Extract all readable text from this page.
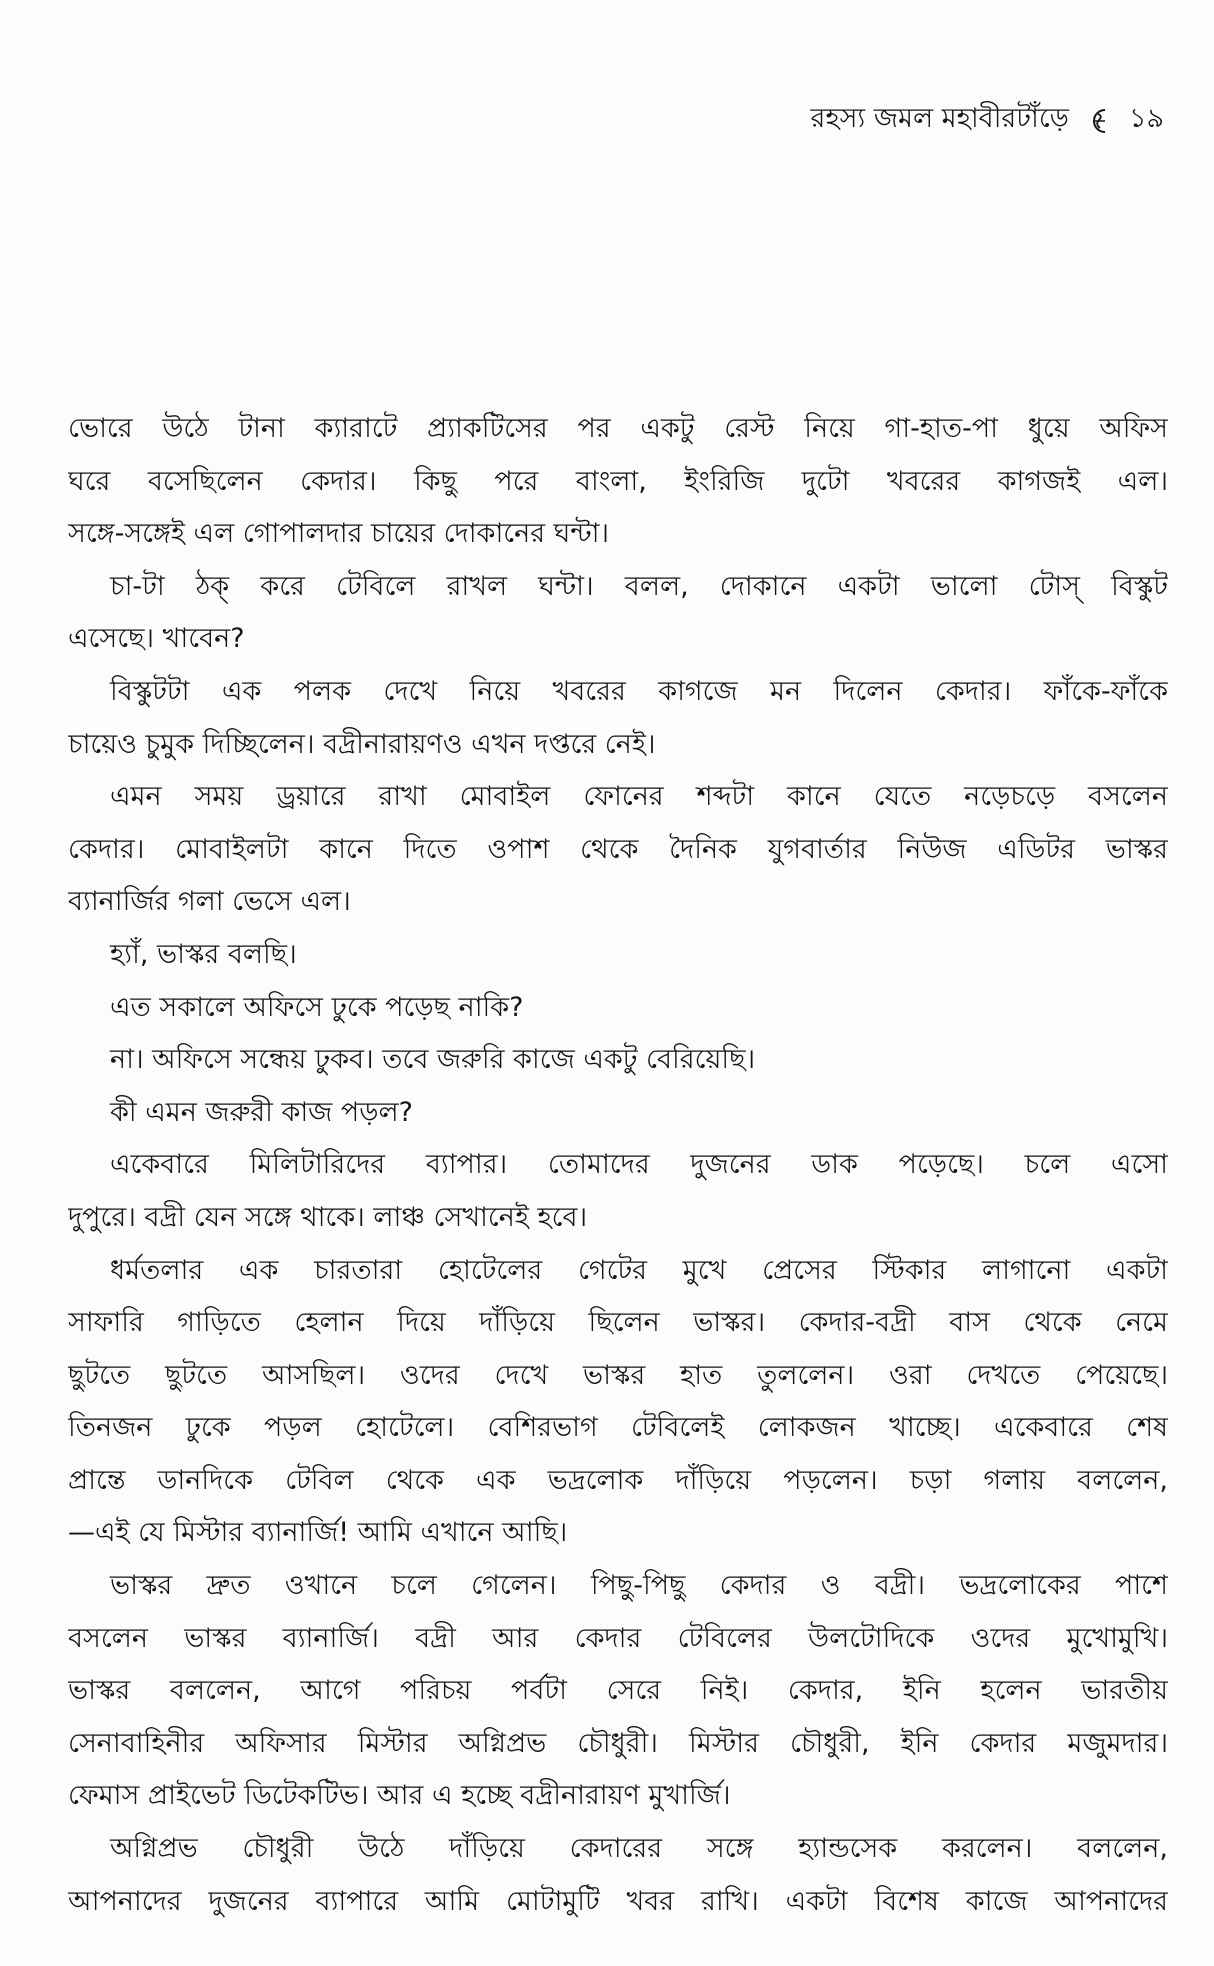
রহস্য জমল মহাবীরটাঁড়ে ১৯
ভোরে উঠে টানা ক্যারাটে প্র্যাকটিসের পর একটু রেস্ট নিয়ে গা-হাত-পা ধুয়ে অফিস
ঘরে বসেছিলেন কেদার। কিছু পরে বাংলা, ইংরিজি দুটো খবরের কাগজই এল।
সঙ্গে-সঙ্গেই এল গোপালদার চায়ের দোকানের ঘন্টা।
চা-টা ঠক্ করে টেবিলে রাখল ঘন্টা। বলল, দোকানে একটা ভালো টোস্ বিস্কুট
এসেছে। খাবেন?
বিস্কুটটা এক পলক দেখে নিয়ে খবরের কাগজে মন দিলেন কেদার। ফাঁকে-ফাঁকে
চায়েও চুমুক দিচ্ছিলেন। বদ্রীনারায়ণও এখন দপ্তরে নেই।
এমন সময় ড্রয়ারে রাখা মোবাইল ফোনের শব্দটা কানে যেতে নড়েচড়ে বসলেন
কেদার। মোবাইলটা কানে দিতে ওপাশ থেকে দৈনিক যুগবার্তার নিউজ এডিটর ভাস্কর
ব্যানার্জির গলা ভেসে এল।
হ্যাঁ, ভাস্কর বলছি।
এত সকালে অফিসে ঢুকে পড়েছ নাকি?
না। অফিসে সন্ধেয় ঢুকব। তবে জরুরি কাজে একটু বেরিয়েছি।
কী এমন জরুরী কাজ পড়ল?
একেবারে মিলিটারিদের ব্যাপার। তোমাদের দুজনের ডাক পড়েছে। চলে এসো
দুপুরে। বদ্রী যেন সঙ্গে থাকে। লাঞ্চ সেখানেই হবে।
ধর্মতলার এক চারতারা হোটেলের গেটের মুখে প্রেসের স্টিকার লাগানো একটা
সাফারি গাড়িতে হেলান দিয়ে দাঁড়িয়ে ছিলেন ভাস্কর। কেদার-বদ্রী বাস থেকে নেমে
ছুটতে ছুটতে আসছিল। ওদের দেখে ভাস্কর হাত তুললেন। ওরা দেখতে পেয়েছে।
তিনজন ঢুকে পড়ল হোটেলে। বেশিরভাগ টেবিলেই লোকজন খাচ্ছে। একেবারে শেষ
প্রান্তে ডানদিকে টেবিল থেকে এক ভদ্রলোক দাঁড়িয়ে পড়লেন। চড়া গলায় বললেন,
—এই যে মিস্টার ব্যানার্জি! আমি এখানে আছি।
ভাস্কর দ্রুত ওখানে চলে গেলেন। পিছু-পিছু কেদার ও বদ্রী। ভদ্রলোকের পাশে
বসলেন ভাস্কর ব্যানার্জি। বদ্রী আর কেদার টেবিলের উলটোদিকে ওদের মুখোমুখি।
ভাস্কর বললেন, আগে পরিচয় পর্বটা সেরে নিই। কেদার, ইনি হলেন ভারতীয়
সেনাবাহিনীর অফিসার মিস্টার অগ্নিপ্রভ চৌধুরী। মিস্টার চৌধুরী, ইনি কেদার মজুমদার।
ফেমাস প্রাইভেট ডিটেকটিভ। আর এ হচ্ছে বদ্রীনারায়ণ মুখার্জি।
অগ্নিপ্রভ চৌধুরী উঠে দাঁড়িয়ে কেদারের সঙ্গে হ্যান্ডসেক করলেন। বললেন,
আপনাদের দুজনের ব্যাপারে আমি মোটামুটি খবর রাখি। একটা বিশেষ কাজে আপনাদের
